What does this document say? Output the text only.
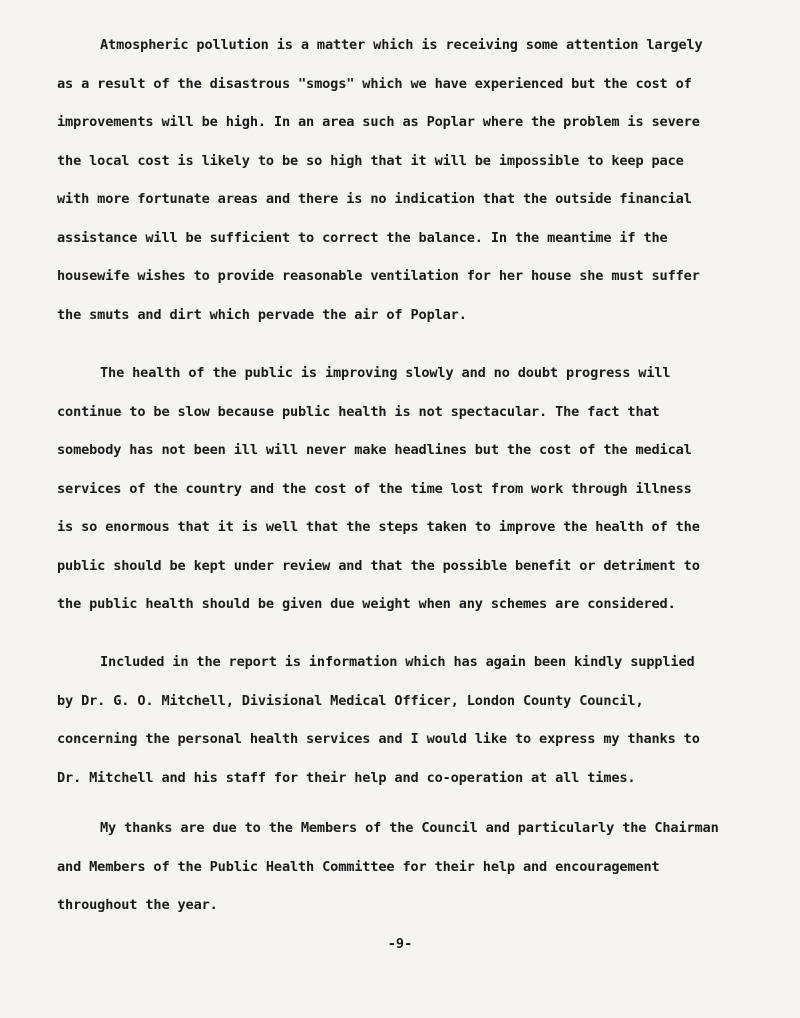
Atmospheric pollution is a matter which is receiving some attention largely
as a result of the disastrous "smogs" which we have experienced but the cost of
improvements will be high. In an area such as Poplar where the problem is severe
the local cost is likely to be so high that it will be impossible to keep pace
with more fortunate areas and there is no indication that the outside financial
assistance will be sufficient to correct the balance. In the meantime if the
housewife wishes to provide reasonable ventilation for her house she must suffer
the smuts and dirt which pervade the air of Poplar.
The health of the public is improving slowly and no doubt progress will
continue to be slow because public health is not spectacular. The fact that
somebody has not been ill will never make headlines but the cost of the medical
services of the country and the cost of the time lost from work through illness
is so enormous that it is well that the steps taken to improve the health of the
public should be kept under review and that the possible benefit or detriment to
the public health should be given due weight when any schemes are considered.
Included in the report is information which has again been kindly supplied
by Dr. G. O. Mitchell, Divisional Medical Officer, London County Council,
concerning the personal health services and I would like to express my thanks to
Dr. Mitchell and his staff for their help and co-operation at all times.
My thanks are due to the Members of the Council and particularly the Chairman
and Members of the Public Health Committee for their help and encouragement
throughout the year.
-9-
